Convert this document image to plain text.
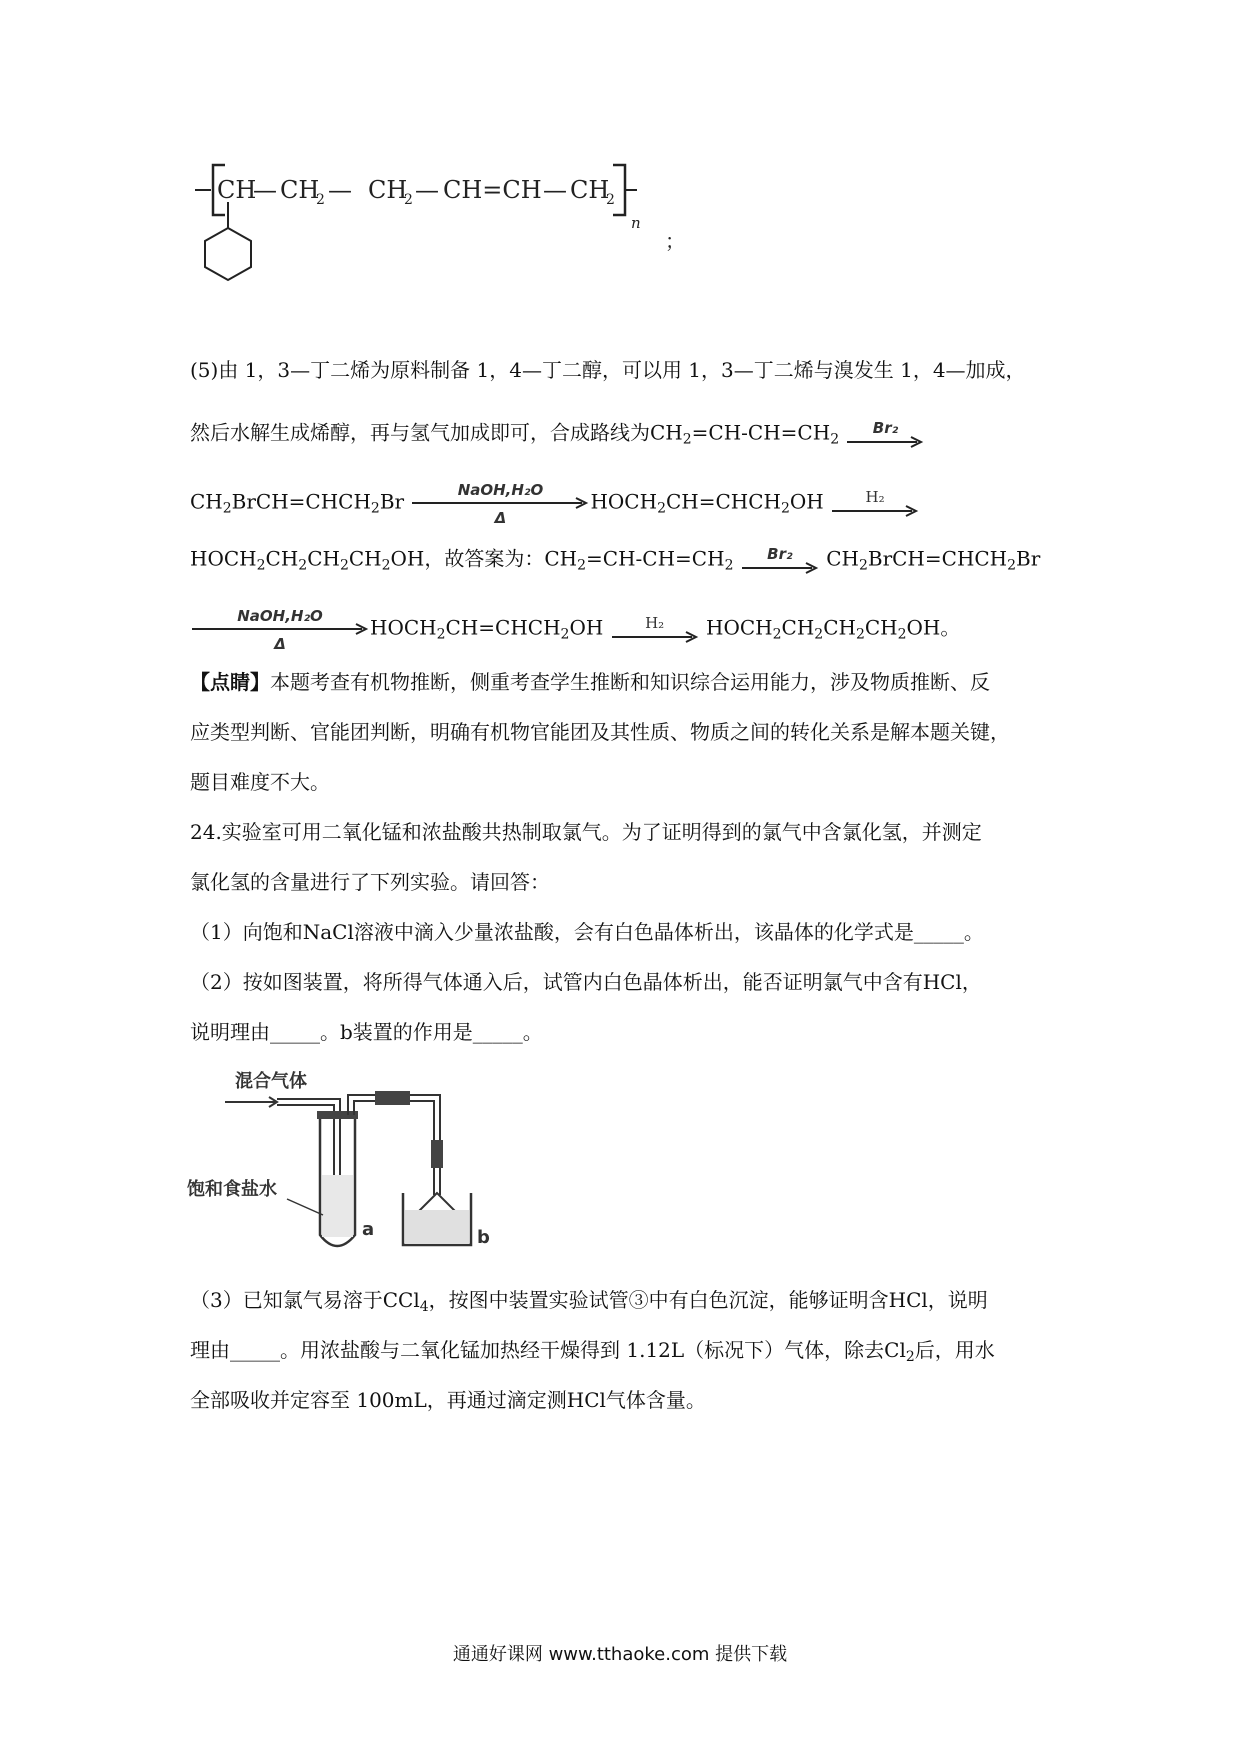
CH
— CH
2 — CH
2 — CH=CH — CH
2
n
；
(5)由 1，3—丁二烯为原料制备 1，4—丁二醇，可以用 1，3—丁二烯与溴发生 1，4—加成，
然后水解生成烯醇，再与氢气加成即可，合成路线为$CH_2=CH-CH=CH_2$
Br₂
$CH_2BrCH=CHCH_2Br$	NaOH,H₂O
Δ
$HOCH_2CH=CHCH_2OH$	H₂
$HOCH_2CH_2CH_2CH_2OH$，故答案为：$CH_2=CH-CH=CH_2$
Br₂	$CH_2BrCH=CHCH_2Br$
NaOH,H₂O
Δ
$HOCH_2CH=CHCH_2OH$	H₂	$HOCH_2CH_2CH_2CH_2OH$。
【点睛】本题考查有机物推断，侧重考查学生推断和知识综合运用能力，涉及物质推断、反
应类型判断、官能团判断，明确有机物官能团及其性质、物质之间的转化关系是解本题关键，
题目难度不大。
24.实验室可用二氧化锰和浓盐酸共热制取氯气。为了证明得到的氯气中含氯化氢，并测定
氯化氢的含量进行了下列实验。请回答：
（1）向饱和NaCl溶液中滴入少量浓盐酸，会有白色晶体析出，该晶体的化学式是_____。
（2）按如图装置，将所得气体通入后，试管内白色晶体析出，能否证明氯气中含有HCl，
说明理由_____。b装置的作用是_____。
混合气体
饱和食盐水
a	b
（3）已知氯气易溶于CCl$_4$，按图中装置实验试管③中有白色沉淀，能够证明含HCl，说明
理由_____。用浓盐酸与二氧化锰加热经干燥得到 1.12L（标况下）气体，除去$Cl_2$后，用水
全部吸收并定容至 100mL，再通过滴定测HCl气体含量。
通通好课网 www.tthaoke.com 提供下载
